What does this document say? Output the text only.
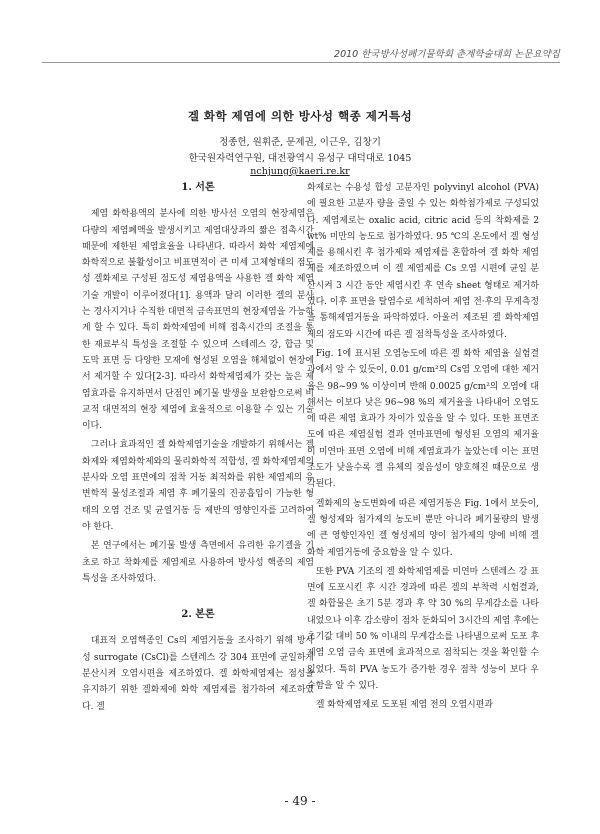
2010 한국방사성폐기물학회 춘계학술대회 논문요약집
겔 화학 제염에 의한 방사성 핵종 제거특성
정종헌, 원휘준, 문제권, 이근우, 김창기
한국원자력연구원, 대전광역시 유성구 대덕대로 1045
nchjung@kaeri.re.kr
1. 서론

제염 화학용액의 분사에 의한 방사선 오염의 현장제염은 다량의 제염폐액을 발생시키고 제염대상과의 짧은 접촉시간 때문에 제한된 제염효율을 나타낸다. 따라서 화학 제염제에 화학적으로 불활성이고 비표면적이 큰 미세 고체형태의 점도성 겔화제로 구성된 점도성 제염용액을 사용한 겔 화학 제염기술 개발이 이루어졌다[1]. 용액과 달리 이러한 겔의 분사는 경사지거나 수직한 대면적 금속표면의 현장제염을 가능하게 할 수 있다. 특히 화학제염에 비해 접촉시간의 조절을 통한 재료부식 특성을 조절할 수 있으며 스테레스 강, 합금 및 도막 표면 등 다양한 모재에 형성된 오염을 해체없이 현장에서 제거할 수 있다[2-3]. 따라서 화학제염제가 갖는 높은 제염효과를 유지하면서 단점인 폐기물 발생을 보완함으로써 비교적 대면적의 현장 제염에 효율적으로 이용할 수 있는 기술이다.

그러나 효과적인 겔 화학제염기술을 개발하기 위해서는 겔화제와 제염화학제와의 물리화학적 적합성, 겔 화학제염제의 분사와 오염 표면에의 점착 거동 최적화를 위한 제염제의 유변학적 물성조절과 제염 후 폐기물의 진공흡입이 가능한 형태의 오염 건조 및 균열거동 등 제반의 영향인자를 고려하여야 한다.

본 연구에서는 폐기물 발생 측면에서 유리한 유기겔을 기초로 하고 착화제를 제염제로 사용하여 방사성 핵종의 제염특성을 조사하였다.

2. 본론

대표적 오염핵종인 Cs의 제염거동을 조사하기 위해 방사성 surrogate (CsCl)를 스텐레스 강 304 표면에 균일하게 분산시켜 오염시편을 제조하였다. 겔 화학제염제는 점성을 유지하기 위한 겔화제에 화학 제염제를 첨가하여 제조하였다. 겔

화제로는 수용성 합성 고분자인 polyvinyl alcohol (PVA)에 필요한 고분자 량을 줄일 수 있는 화학첨가제로 구성되었다. 제염제로는 oxalic acid, citric acid 등의 착화제를 2 wt% 미만의 농도로 첨가하였다. 95 ℃의 온도에서 겔 형성제를 용해시킨 후 첨가제와 제염제를 혼합하여 겔 화학 제염제를 제조하였으며 이 겔 제염제를 Cs 오염 시편에 균일 분산시켜 3 시간 동안 제염시킨 후 연속 sheet 형태로 제거하였다. 이후 표면을 탈염수로 세척하여 제염 전·후의 무게측정을 통해제염거동을 파악하였다. 아울러 제조된 겔 화학제염제의 점도와 시간에 따른 겔 점착특성을 조사하였다.

Fig. 1에 표시된 오염농도에 따른 겔 화학 제염율 실험결과에서 알 수 있듯이, 0.01 g/cm²의 Cs염 오염에 대한 제거율은 98~99 % 이상이며 반해 0.0025 g/cm²의 오염에 대해서는 이보다 낮은 96~98 %의 제거율을 나타내어 오염도에 따른 제염 효과가 차이가 있음을 알 수 있다. 또한 표면조도에 따른 제염실험 결과 연마표면에 형성된 오염의 제거율이 미연마 표면 오염에 비해 제염효과가 높았는데 이는 표면 조도가 낮을수록 겔 유체의 젖음성이 양호해진 때문으로 생각된다.

겔화제의 농도변화에 따른 제염거동은 Fig. 1에서 보듯이, 겔 형성제와 첨가제의 농도비 뿐만 아니라 폐기물량의 발생에 큰 영향인자인 겔 형성제의 양이 첨가제의 양에 비해 겔 화학 제염거동에 중요함을 알 수 있다.

또한 PVA 기조의 겔 화학제염제를 미연마 스텐레스 강 표면에 도포시킨 후 시간 경과에 따른 겔의 부착력 시험결과, 겔 화합물은 초기 5분 경과 후 약 30 %의 무게감소를 나타내었으나 이후 감소량이 점차 둔화되어 3시간의 제염 후에는 초기값 대비 50 % 이내의 무게감소를 나타냄으로써 도포 후 제염 오염 금속 표면에 효과적으로 점착되는 것을 확인할 수 있었다. 특히 PVA 농도가 증가한 경우 점착 성능이 보다 우수함을 알 수 있다.

겔 화학제염제로 도포된 제염 전의 오염시편과

- 49 -
